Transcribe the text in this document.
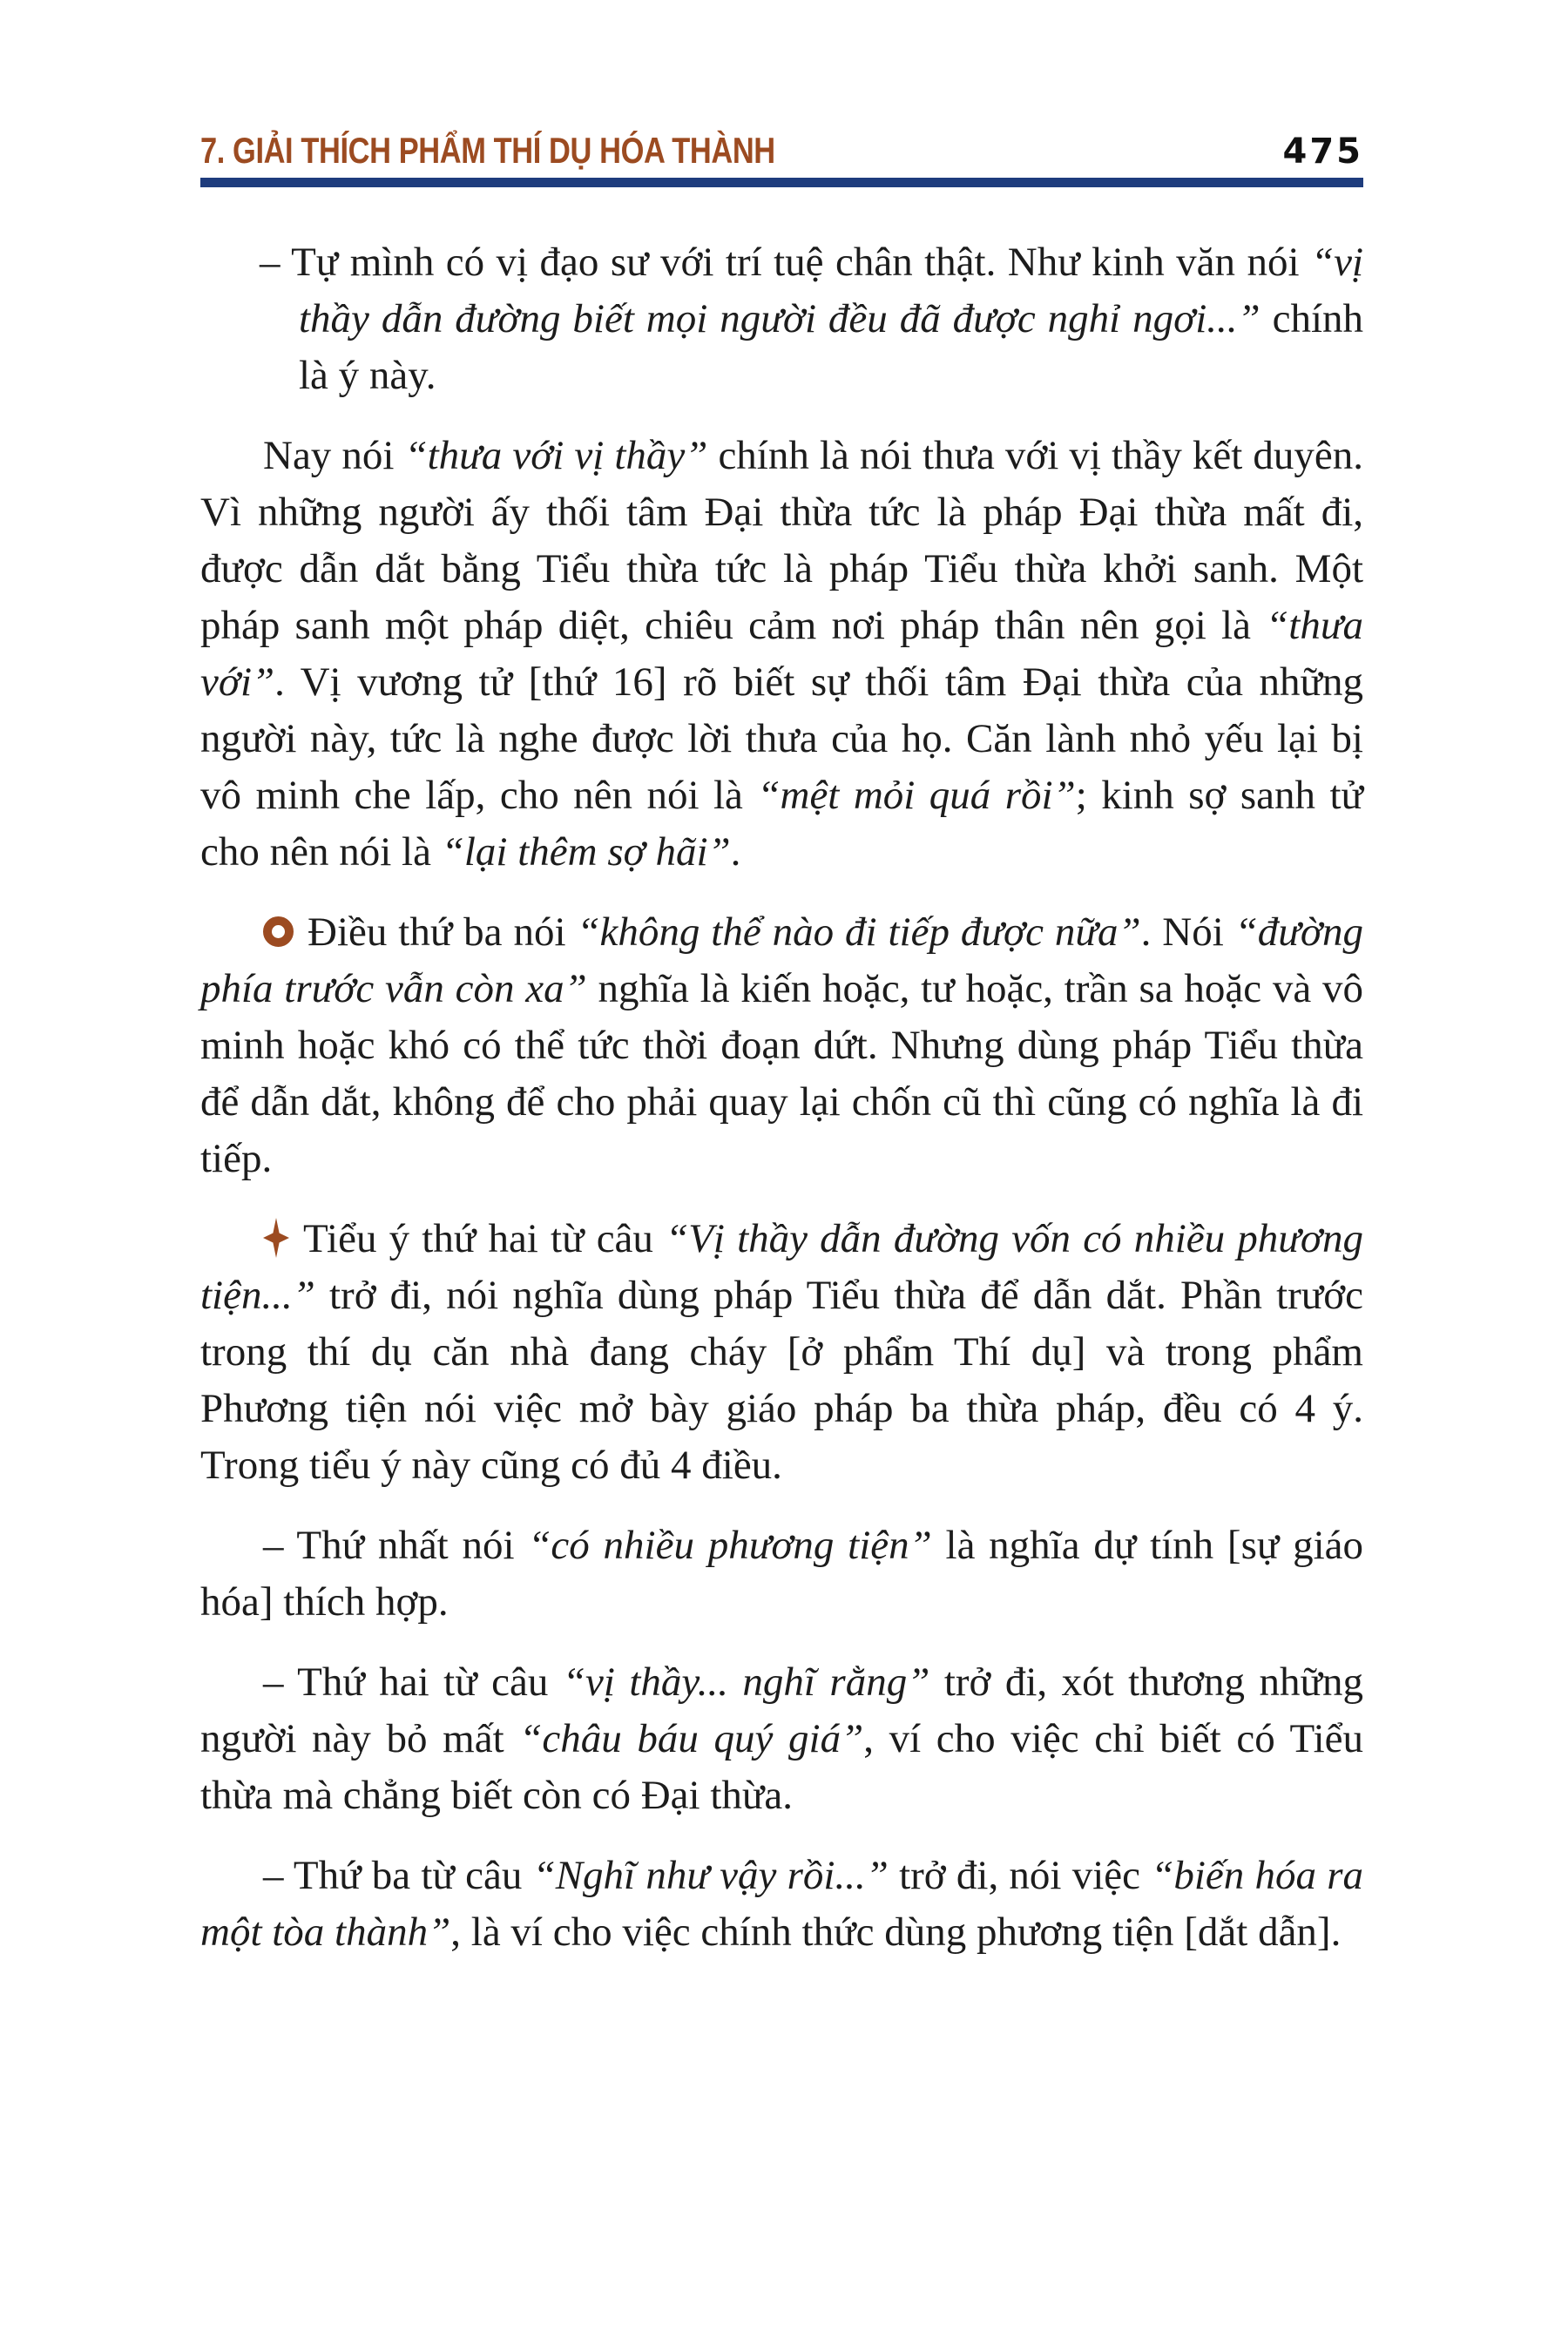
7. GIẢI THÍCH PHẨM THÍ DỤ HÓA THÀNH	475

– Tự mình có vị đạo sư với trí tuệ chân thật. Như kinh văn nói “vị thầy dẫn đường biết mọi người đều đã được nghỉ ngơi...” chính là ý này.

Nay nói “thưa với vị thầy” chính là nói thưa với vị thầy kết duyên. Vì những người ấy thối tâm Đại thừa tức là pháp Đại thừa mất đi, được dẫn dắt bằng Tiểu thừa tức là pháp Tiểu thừa khởi sanh. Một pháp sanh một pháp diệt, chiêu cảm nơi pháp thân nên gọi là “thưa với”. Vị vương tử [thứ 16] rõ biết sự thối tâm Đại thừa của những người này, tức là nghe được lời thưa của họ. Căn lành nhỏ yếu lại bị vô minh che lấp, cho nên nói là “mệt mỏi quá rồi”; kinh sợ sanh tử cho nên nói là “lại thêm sợ hãi”.

Điều thứ ba nói “không thể nào đi tiếp được nữa”. Nói “đường phía trước vẫn còn xa” nghĩa là kiến hoặc, tư hoặc, trần sa hoặc và vô minh hoặc khó có thể tức thời đoạn dứt. Nhưng dùng pháp Tiểu thừa để dẫn dắt, không để cho phải quay lại chốn cũ thì cũng có nghĩa là đi tiếp.

Tiểu ý thứ hai từ câu “Vị thầy dẫn đường vốn có nhiều phương tiện...” trở đi, nói nghĩa dùng pháp Tiểu thừa để dẫn dắt. Phần trước trong thí dụ căn nhà đang cháy [ở phẩm Thí dụ] và trong phẩm Phương tiện nói việc mở bày giáo pháp ba thừa pháp, đều có 4 ý. Trong tiểu ý này cũng có đủ 4 điều.

– Thứ nhất nói “có nhiều phương tiện” là nghĩa dự tính [sự giáo hóa] thích hợp.

– Thứ hai từ câu “vị thầy... nghĩ rằng” trở đi, xót thương những người này bỏ mất “châu báu quý giá”, ví cho việc chỉ biết có Tiểu thừa mà chẳng biết còn có Đại thừa.

– Thứ ba từ câu “Nghĩ như vậy rồi...” trở đi, nói việc “biến hóa ra một tòa thành”, là ví cho việc chính thức dùng phương tiện [dắt dẫn].
